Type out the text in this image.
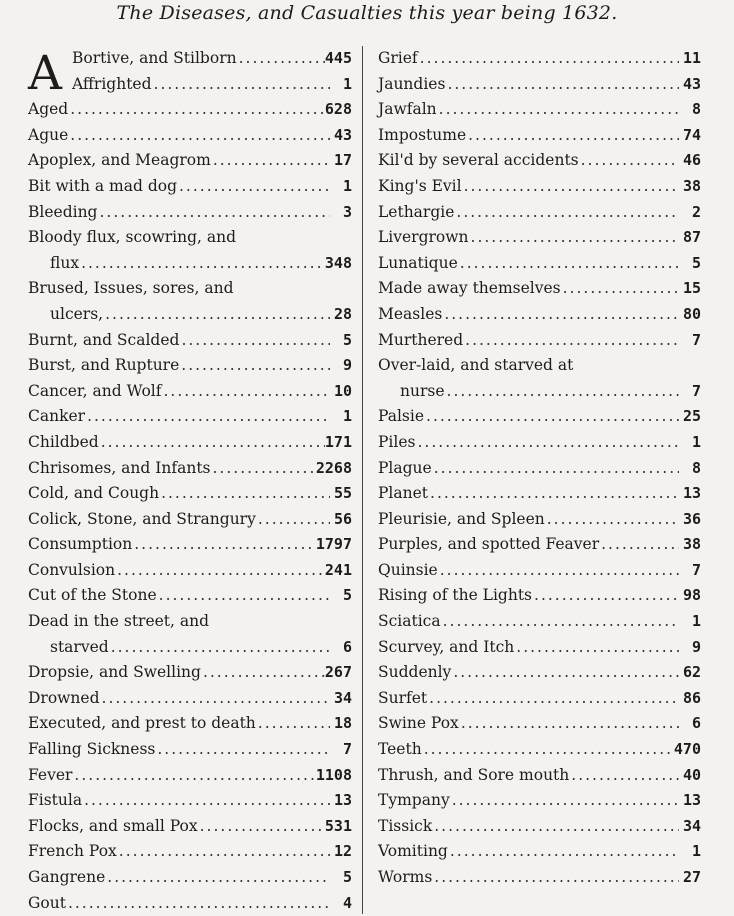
The Diseases, and Casualties this year being 1632.
A Bortive, and Stilborn .....	445
Affrighted .....	1
Aged .....	628
Ague .....	43
Apoplex, and Meagrom .....	17
Bit with a mad dog .....	1
Bleeding .....	3
Bloody flux, scowring, and
flux .....	348
Brused, Issues, sores, and
ulcers, .....	28
Burnt, and Scalded .....	5
Burst, and Rupture .....	9
Cancer, and Wolf .....	10
Canker .....	1
Childbed .....	171
Chrisomes, and Infants .....	2268
Cold, and Cough .....	55
Colick, Stone, and Strangury .....	56
Consumption .....	1797
Convulsion .....	241
Cut of the Stone .....	5
Dead in the street, and
starved .....	6
Dropsie, and Swelling .....	267
Drowned .....	34
Executed, and prest to death .....	18
Falling Sickness .....	7
Fever .....	1108
Fistula .....	13
Flocks, and small Pox .....	531
French Pox .....	12
Gangrene .....	5
Gout .....	4
Grief .....	11
Jaundies .....	43
Jawfaln .....	8
Impostume .....	74
Kil'd by several accidents .....	46
King's Evil .....	38
Lethargie .....	2
Livergrown .....	87
Lunatique .....	5
Made away themselves .....	15
Measles .....	80
Murthered .....	7
Over-laid, and starved at
nurse .....	7
Palsie .....	25
Piles .....	1
Plague .....	8
Planet .....	13
Pleurisie, and Spleen .....	36
Purples, and spotted Feaver .....	38
Quinsie .....	7
Rising of the Lights .....	98
Sciatica .....	1
Scurvey, and Itch .....	9
Suddenly .....	62
Surfet .....	86
Swine Pox .....	6
Teeth .....	470
Thrush, and Sore mouth .....	40
Tympany .....	13
Tissick .....	34
Vomiting .....	1
Worms .....	27
